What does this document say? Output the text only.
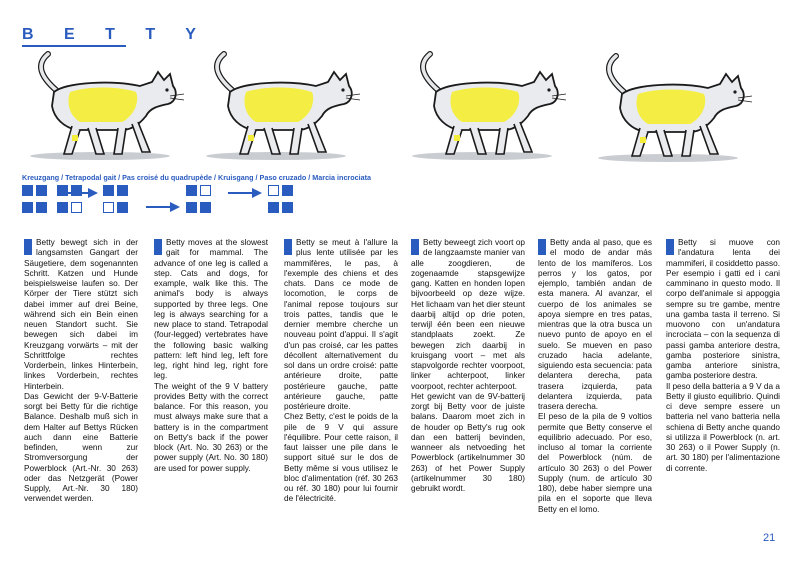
B E T T Y
Kreuzgang / Tetrapodal gait / Pas croisé du quadrupède / Kruisgang / Paso cruzado / Marcia incrociata

Betty bewegt sich in der langsamsten Gangart der Säugetiere, dem sogenannten Schritt. Katzen und Hunde beispielsweise laufen so. Der Körper der Tiere stützt sich dabei immer auf drei Beine, während sich ein Bein einen neuen Standort sucht. Sie bewegen sich dabei im Kreuzgang vorwärts – mit der Schrittfolge rechtes Vorderbein, linkes Hinterbein, linkes Vorderbein, rechtes Hinterbein.

Das Gewicht der 9-V-Batterie sorgt bei Betty für die richtige Balance. Deshalb muß sich in dem Halter auf Bettys Rücken auch dann eine Batterie befinden, wenn zur Stromversorgung der Powerblock (Art.-Nr. 30 263) oder das Netzgerät (Power Supply, Art.-Nr. 30 180) verwendet werden.

Betty moves at the slowest gait for mammal. The advance of one leg is called a step. Cats and dogs, for example, walk like this. The animal's body is always supported by three legs. One leg is always searching for a new place to stand. Tetrapodal (four-legged) vertebrates have the following basic walking pattern: left hind leg, left fore leg, right hind leg, right fore leg.

The weight of the 9 V battery provides Betty with the correct balance. For this reason, you must always make sure that a battery is in the compartment on Betty's back if the power block (Art. No. 30 263) or the power supply (Art. No. 30 180) are used for power supply.

Betty se meut à l'allure la plus lente utilisée par les mammifères, le pas, à l'exemple des chiens et des chats. Dans ce mode de locomotion, le corps de l'animal repose toujours sur trois pattes, tandis que le dernier membre cherche un nouveau point d'appui. Il s'agit d'un pas croisé, car les pattes décollent alternativement du sol dans un ordre croisé: patte antérieure droite, patte postérieure gauche, patte antérieure gauche, patte postérieure droite.

Chez Betty, c'est le poids de la pile de 9 V qui assure l'équilibre. Pour cette raison, il faut laisser une pile dans le support situé sur le dos de Betty même si vous utilisez le bloc d'alimentation (réf. 30 263 ou réf. 30 180) pour lui fournir de l'électricité.

Betty beweegt zich voort op de langzaamste manier van alle zoogdieren, de zogenaamde stapsgewijze gang. Katten en honden lopen bijvoorbeeld op deze wijze. Het lichaam van het dier steunt daarbij altijd op drie poten, terwijl één been een nieuwe standplaats zoekt. Ze bewegen zich daarbij in kruisgang voort – met als stapvolgorde rechter voorpoot, linker achterpoot, linker voorpoot, rechter achterpoot.

Het gewicht van de 9V-batterij zorgt bij Betty voor de juiste balans. Daarom moet zich in de houder op Betty's rug ook dan een batterij bevinden, wanneer als netvoeding het Powerblock (artikelnummer 30 263) of het Power Supply (artikelnummer 30 180) gebruikt wordt.

Betty anda al paso, que es el modo de andar más lento de los mamíferos. Los perros y los gatos, por ejemplo, también andan de esta manera. Al avanzar, el cuerpo de los animales se apoya siempre en tres patas, mientras que la otra busca un nuevo punto de apoyo en el suelo. Se mueven en paso cruzado hacia adelante, siguiendo esta secuencia: pata delantera derecha, pata trasera izquierda, pata delantera izquierda, pata trasera derecha.

El peso de la pila de 9 voltios permite que Betty conserve el equilibrio adecuado. Por eso, incluso al tomar la corriente del Powerblock (núm. de artículo 30 263) o del Power Supply (num. de artículo 30 180), debe haber siempre una pila en el soporte que lleva Betty en el lomo.

Betty si muove con l'andatura lenta dei mammiferi, il cosiddetto passo. Per esempio i gatti ed i cani camminano in questo modo. Il corpo dell'animale si appoggia sempre su tre gambe, mentre una gamba tasta il terreno. Si muovono con un'andatura incrociata – con la sequenza di passi gamba anteriore destra, gamba posteriore sinistra, gamba anteriore sinistra, gamba posteriore destra.

Il peso della batteria a 9 V da a Betty il giusto equilibrio. Quindi ci deve sempre essere un batteria nel vano batteria nella schiena di Betty anche quando si utilizza il Powerblock (n. art. 30 263) o il Power Supply (n. art. 30 180) per l'alimentazione di corrente.

21
